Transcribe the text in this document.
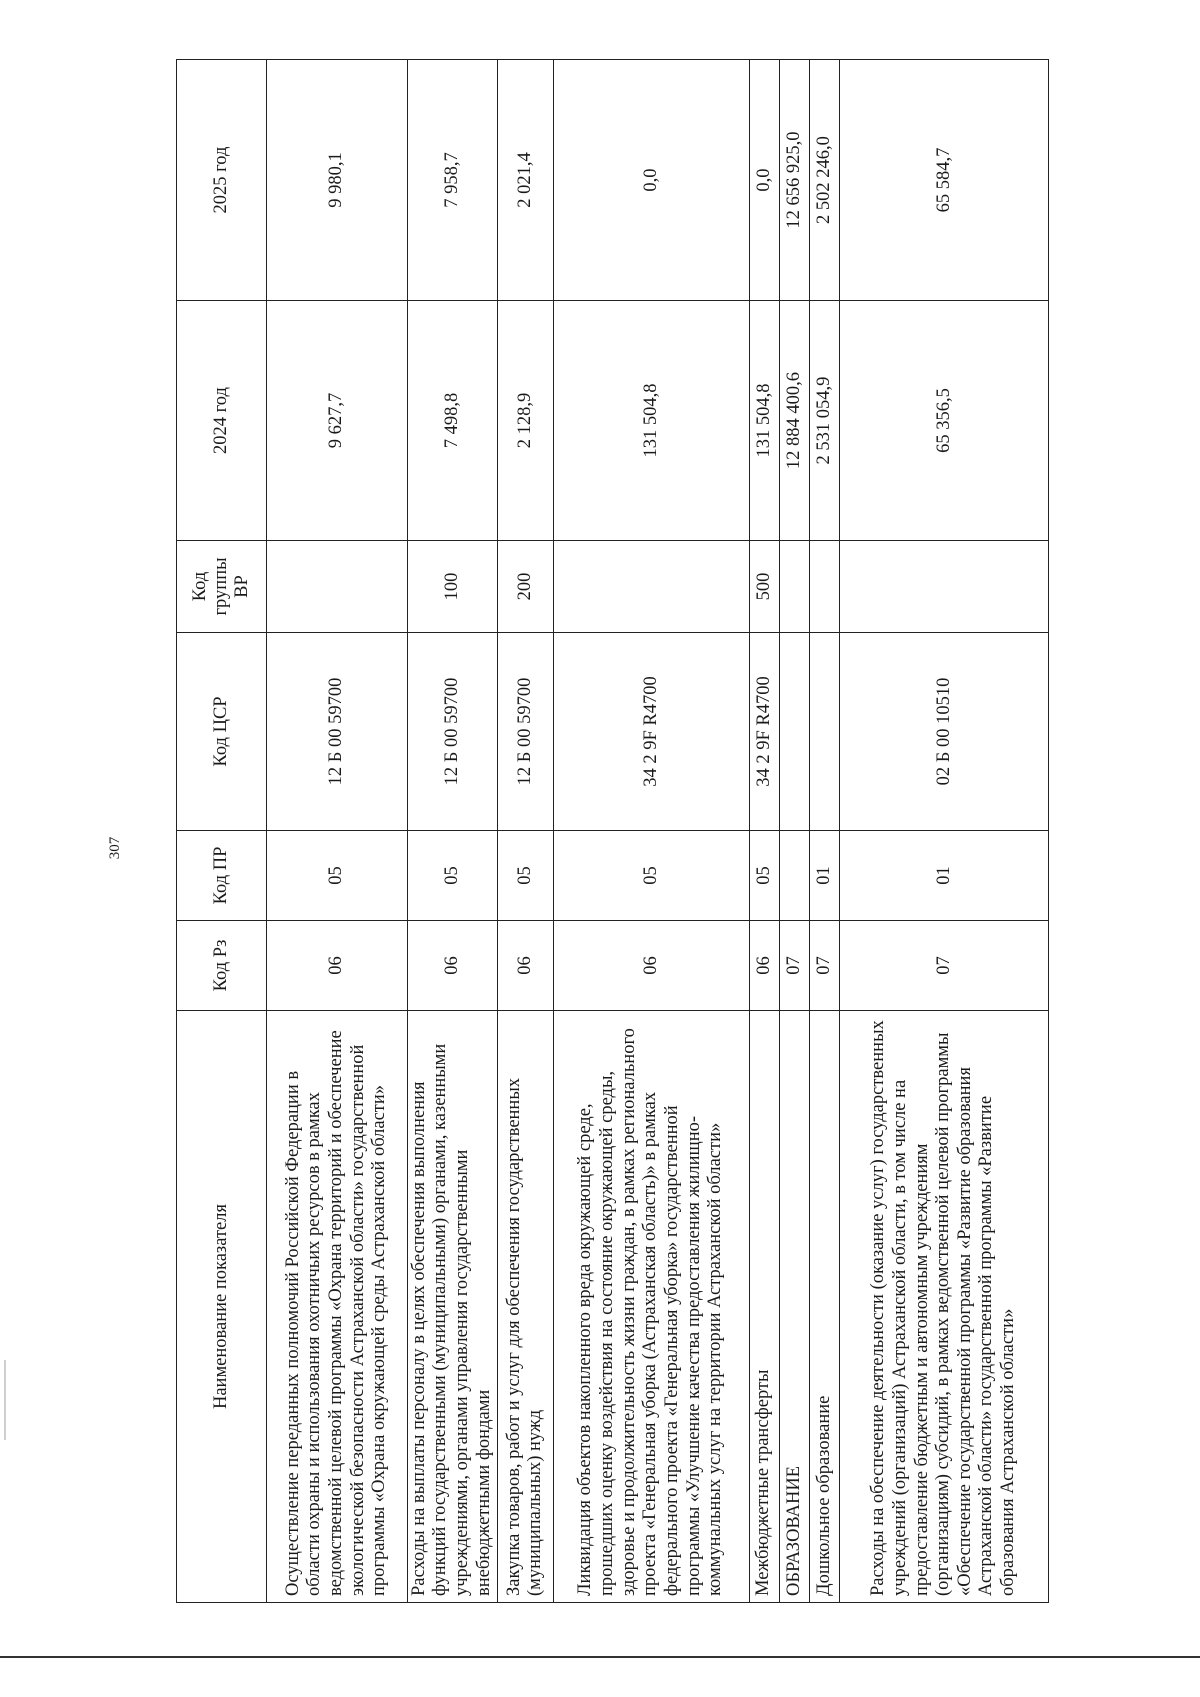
307
Наименование показателя	Код Рз	Код ПР	Код ЦСР	Код группы ВР	2024 год	2025 год
Осуществление переданных полномочий Российской Федерации в области охраны и использования охотничьих ресурсов в рамках ведомственной целевой программы «Охрана территорий и обеспечение экологической безопасности Астраханской области» государственной программы «Охрана окружающей среды Астраханской области»	06	05	12 Б 00 59700		9 627,7	9 980,1
Расходы на выплаты персоналу в целях обеспечения выполнения функций государственными (муниципальными) органами, казенными учреждениями, органами управления государственными внебюджетными фондами	06	05	12 Б 00 59700	100	7 498,8	7 958,7
Закупка товаров, работ и услуг для обеспечения государственных (муниципальных) нужд	06	05	12 Б 00 59700	200	2 128,9	2 021,4
Ликвидация объектов накопленного вреда окружающей среде, прошедших оценку воздействия на состояние окружающей среды, здоровье и продолжительность жизни граждан, в рамках регионального проекта «Генеральная уборка (Астраханская область)» в рамках федерального проекта «Генеральная уборка» государственной программы «Улучшение качества предоставления жилищно-коммунальных услуг на территории Астраханской области»	06	05	34 2 9F R4700		131 504,8	0,0
Межбюджетные трансферты	06	05	34 2 9F R4700	500	131 504,8	0,0
ОБРАЗОВАНИЕ	07				12 884 400,6	12 656 925,0
Дошкольное образование	07	01			2 531 054,9	2 502 246,0
Расходы на обеспечение деятельности (оказание услуг) государственных учреждений (организаций) Астраханской области, в том числе на предоставление бюджетным и автономным учреждениям (организациям) субсидий, в рамках ведомственной целевой программы «Обеспечение государственной программы «Развитие образования Астраханской области» государственной программы «Развитие образования Астраханской области»	07	01	02 Б 00 10510		65 356,5	65 584,7
